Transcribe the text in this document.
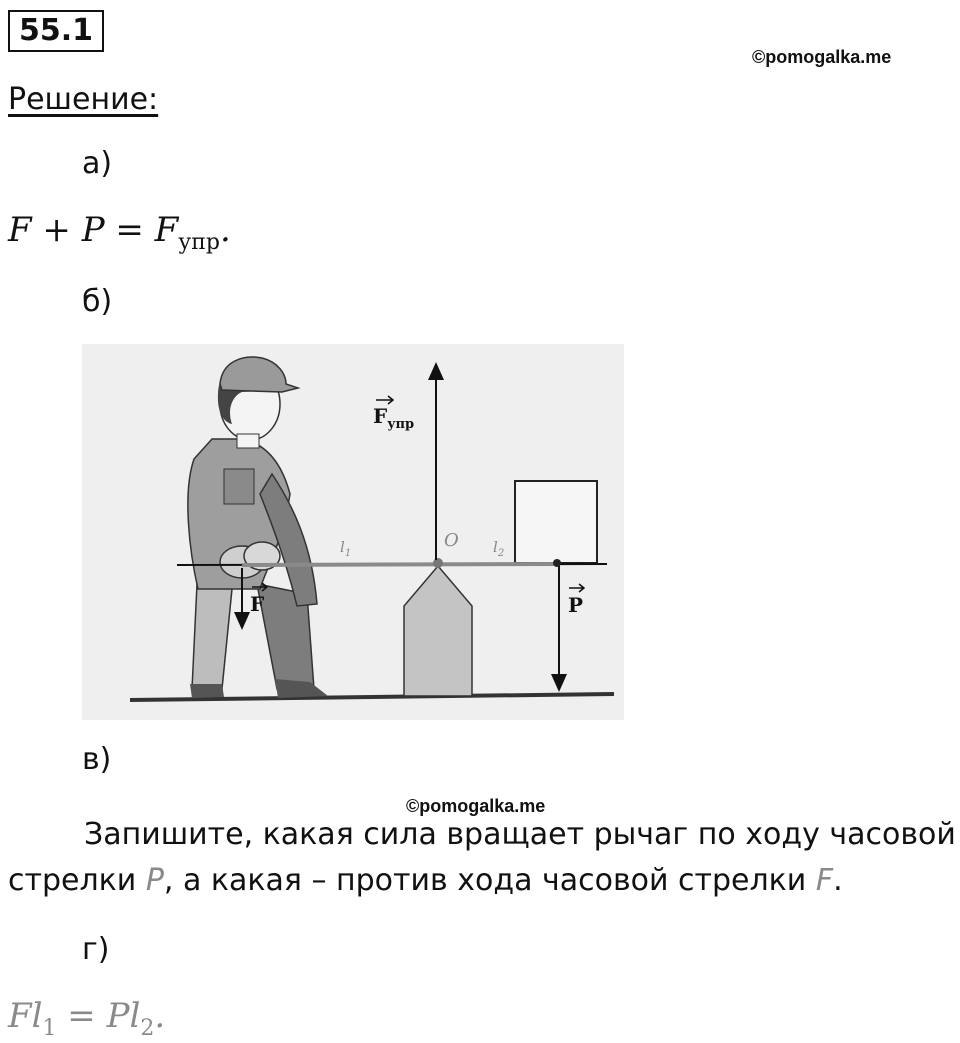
55.1
©pomogalka.me
Решение:
а)
$F + P = F_{упр}$.
б)
$F_{упр}$
O
$l_1$	$l_2$
F	P
в)
©pomogalka.me
Запишите, какая сила вращает рычаг по ходу часовой стрелки P, а какая – против хода часовой стрелки F.
г)
$Fl_1 = Pl_2$.
